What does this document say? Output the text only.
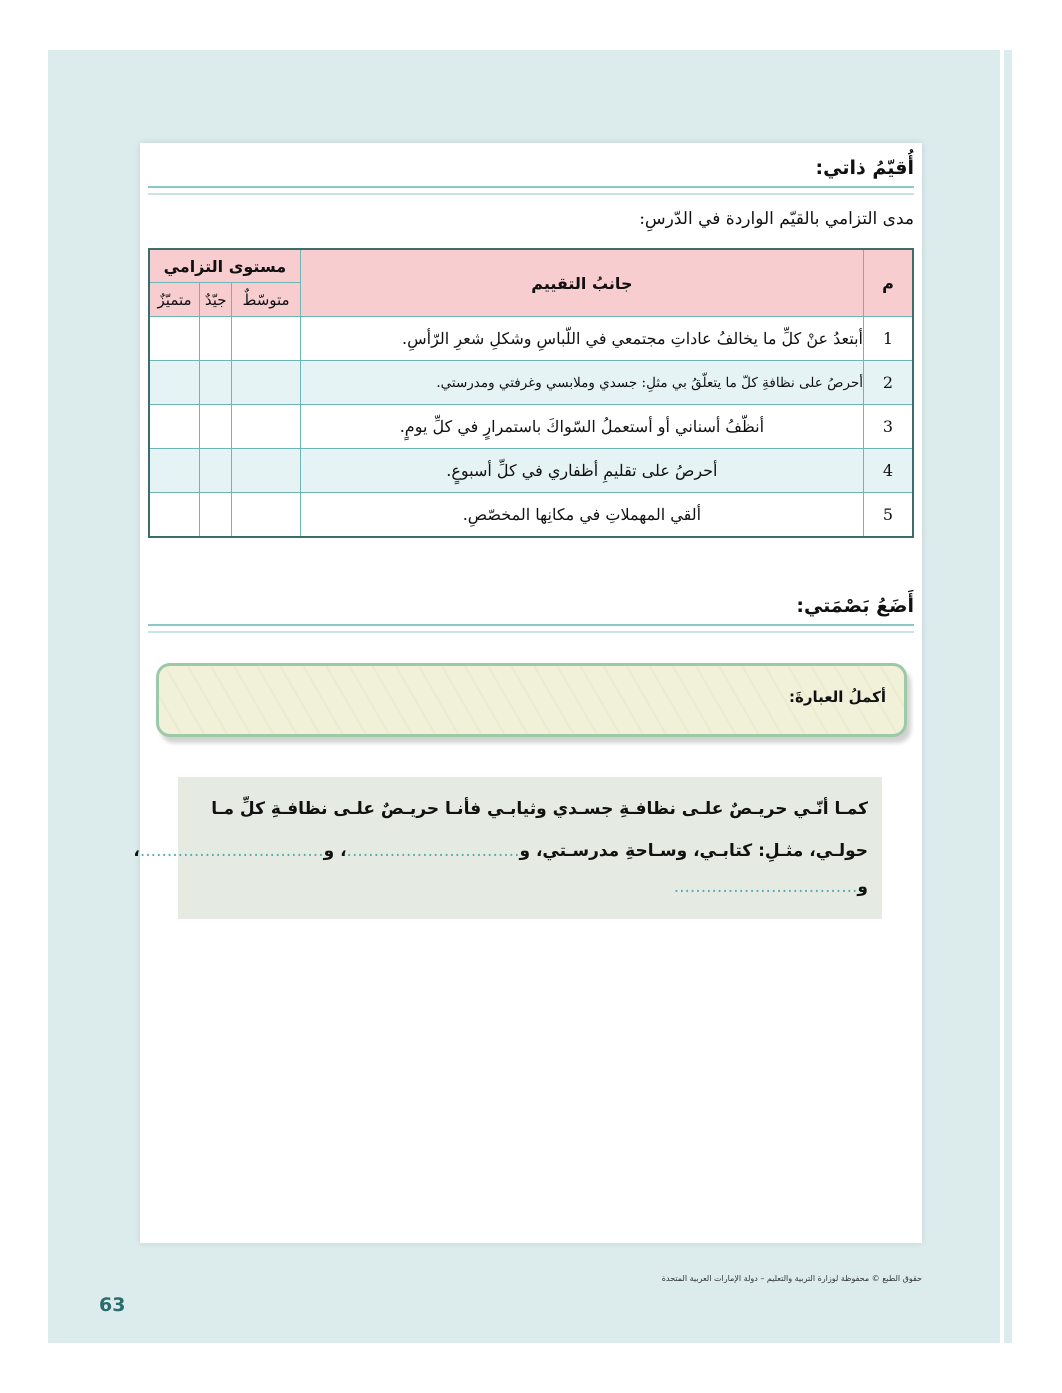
أُقيّمُ ذاتي:
مدى التزامي بالقيّم الواردة في الدّرسِ:
م	جانبُ التقييم	مستوى التزامي		
		متوسّطٌ	جيّدٌ	متميّزٌ
1	أبتعدُ عنْ كلِّ ما يخالفُ عاداتِ مجتمعي في اللّباسِ وشكلِ شعرِ الرّأسِ.			
2	أحرصُ على نظافةِ كلّ ما يتعلّقُ بي مثلِ: جسدي وملابسي وغرفتي ومدرستي.			
3	أنظّفُ أسناني أو أستعملُ السّواكَ باستمرارٍ في كلِّ يومٍ.			
4	أحرصُ على تقليمِ أظفاري في كلِّ أسبوعٍ.			
5	ألقي المهملاتِ في مكانِها المخصّصِ.			
أَضَعُ بَصْمَتي:
أكملُ العبارةَ:
كمـا أنّـي حريـصٌ علـى نظافـةِ جسـدي وثيابـي فأنـا حريـصٌ علـى نظافـةِ كلِّ مـا
حولـي، مثـلِ: كتابـي، وسـاحةِ مدرسـتي، و................................، و..................................،
و..................................
حقوق الطبع © محفوظة لوزارة التربية والتعليم – دولة الإمارات العربية المتحدة
63
